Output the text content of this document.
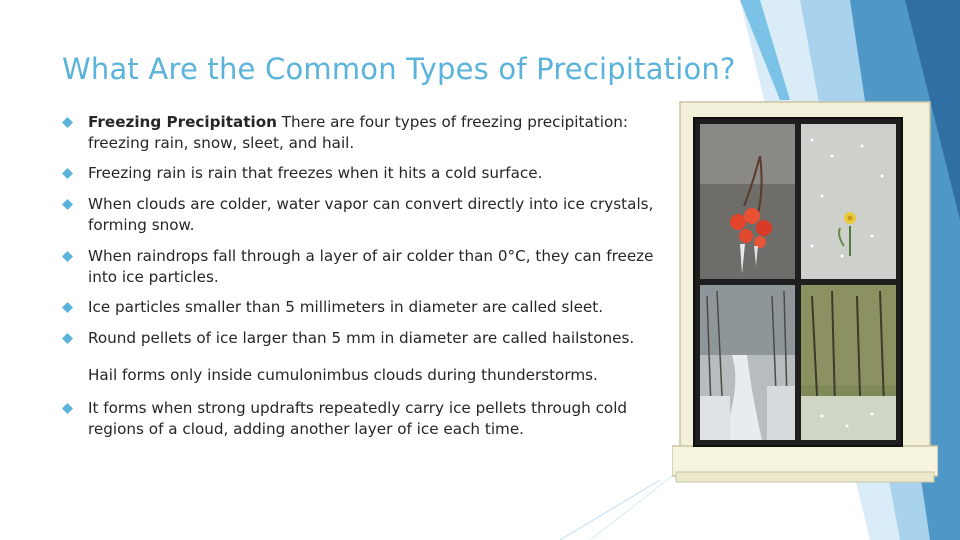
What Are the Common Types of Precipitation?
Freezing Precipitation There are four types of freezing precipitation: freezing rain, snow, sleet, and hail.
Freezing rain is rain that freezes when it hits a cold surface.
When clouds are colder, water vapor can convert directly into ice crystals, forming snow.
When raindrops fall through a layer of air colder than 0°C, they can freeze into ice particles.
Ice particles smaller than 5 millimeters in diameter are called sleet.
Round pellets of ice larger than 5 mm in diameter are called hailstones.
Hail forms only inside cumulonimbus clouds during thunderstorms.
It forms when strong updrafts repeatedly carry ice pellets through cold regions of a cloud, adding another layer of ice each time.
